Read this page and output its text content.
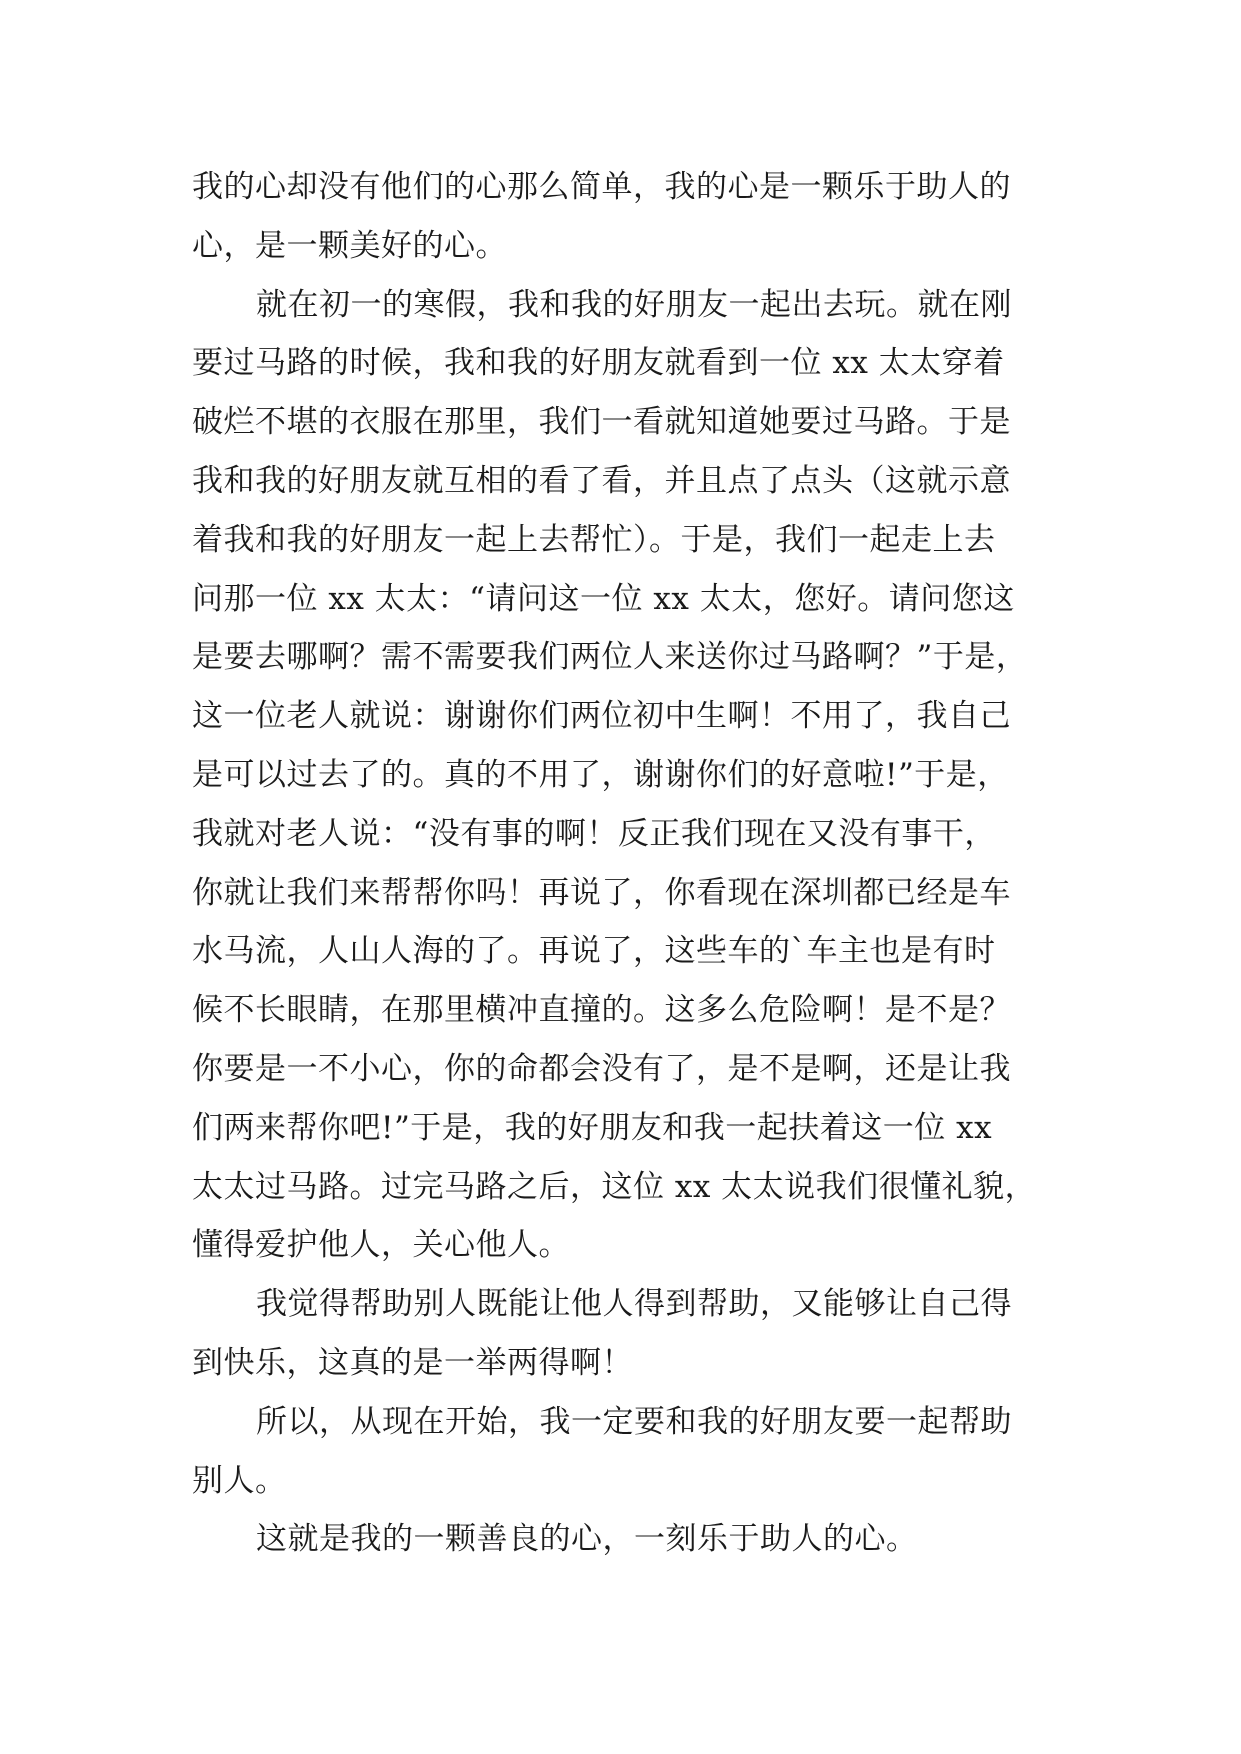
我的心却没有他们的心那么简单，我的心是一颗乐于助人的
心，是一颗美好的心。
就在初一的寒假，我和我的好朋友一起出去玩。就在刚
要过马路的时候，我和我的好朋友就看到一位 xx 太太穿着
破烂不堪的衣服在那里，我们一看就知道她要过马路。于是
我和我的好朋友就互相的看了看，并且点了点头（这就示意
着我和我的好朋友一起上去帮忙）。于是，我们一起走上去
问那一位 xx 太太：“请问这一位 xx 太太，您好。请问您这
是要去哪啊？需不需要我们两位人来送你过马路啊？”于是，
这一位老人就说：谢谢你们两位初中生啊！不用了，我自己
是可以过去了的。真的不用了，谢谢你们的好意啦!”于是，
我就对老人说：“没有事的啊！反正我们现在又没有事干，
你就让我们来帮帮你吗！再说了，你看现在深圳都已经是车
水马流，人山人海的了。再说了，这些车的`车主也是有时
候不长眼睛，在那里横冲直撞的。这多么危险啊！是不是？
你要是一不小心，你的命都会没有了，是不是啊，还是让我
们两来帮你吧!”于是，我的好朋友和我一起扶着这一位 xx
太太过马路。过完马路之后，这位 xx 太太说我们很懂礼貌，
懂得爱护他人，关心他人。
我觉得帮助别人既能让他人得到帮助，又能够让自己得
到快乐，这真的是一举两得啊！
所以，从现在开始，我一定要和我的好朋友要一起帮助
别人。
这就是我的一颗善良的心，一刻乐于助人的心。
